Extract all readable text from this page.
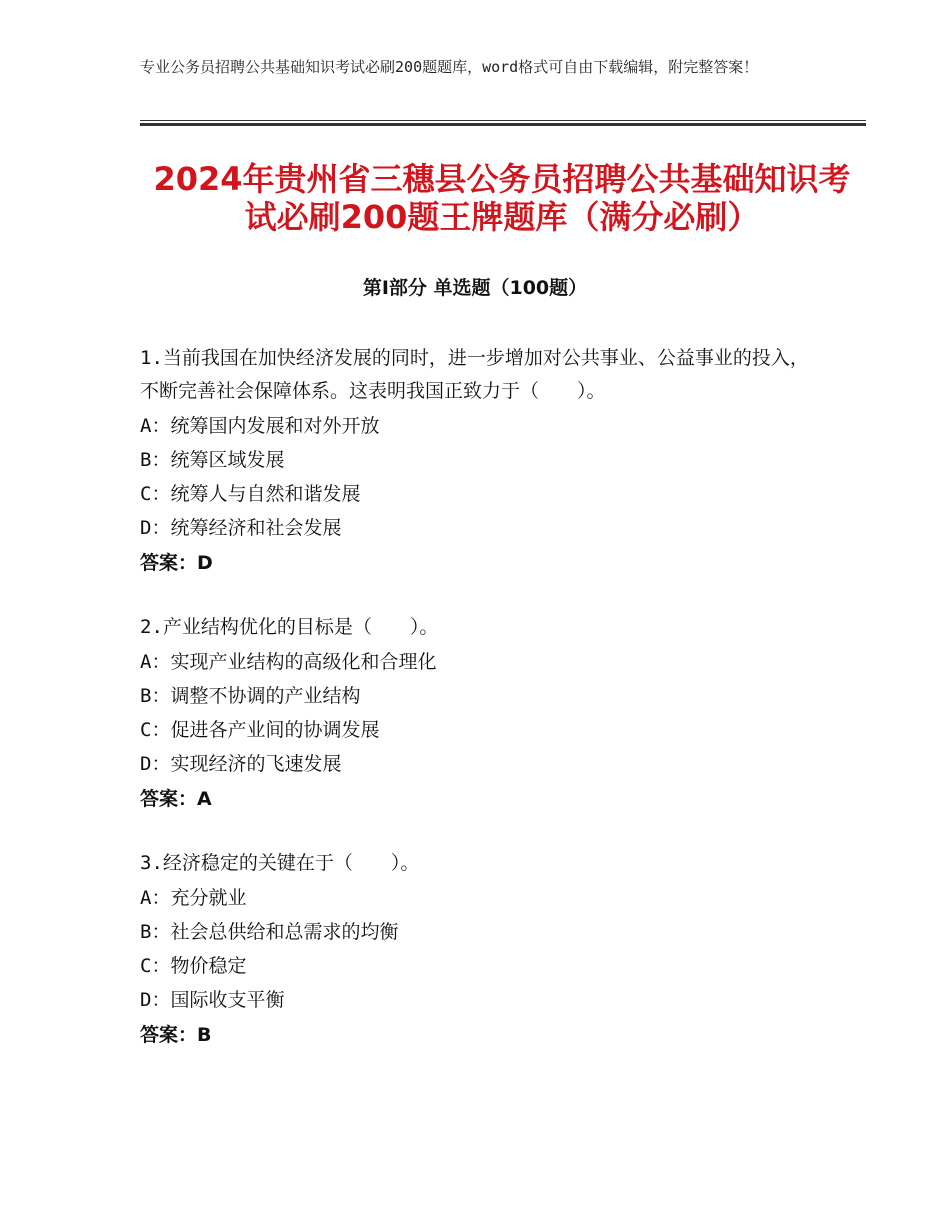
专业公务员招聘公共基础知识考试必刷200题题库，word格式可自由下载编辑，附完整答案！
2024年贵州省三穗县公务员招聘公共基础知识考试必刷200题王牌题库（满分必刷）
第Ⅰ部分 单选题（100题）
1.当前我国在加快经济发展的同时，进一步增加对公共事业、公益事业的投入，不断完善社会保障体系。这表明我国正致力于（　　）。
A：统筹国内发展和对外开放
B：统筹区域发展
C：统筹人与自然和谐发展
D：统筹经济和社会发展
答案：D
2.产业结构优化的目标是（　　）。
A：实现产业结构的高级化和合理化
B：调整不协调的产业结构
C：促进各产业间的协调发展
D：实现经济的飞速发展
答案：A
3.经济稳定的关键在于（　　）。
A：充分就业
B：社会总供给和总需求的均衡
C：物价稳定
D：国际收支平衡
答案：B
